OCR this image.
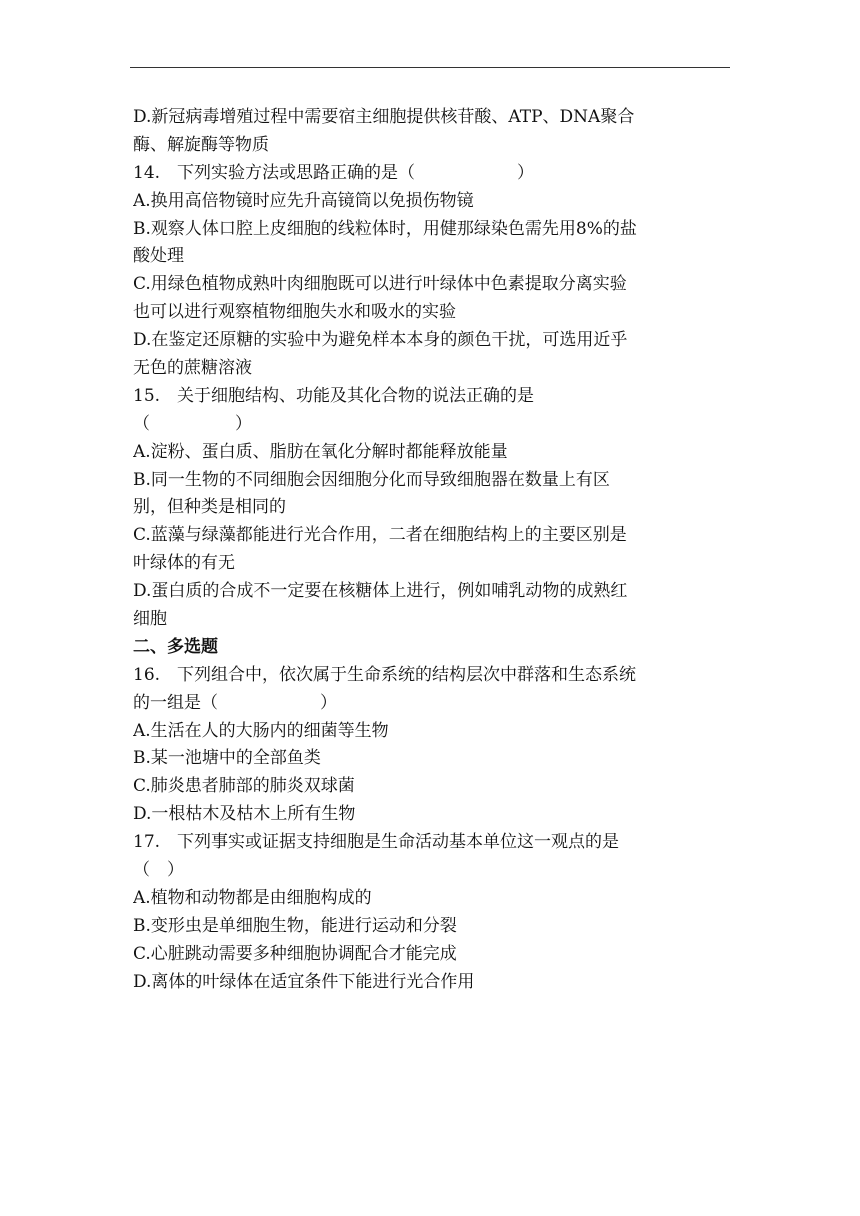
D.新冠病毒增殖过程中需要宿主细胞提供核苷酸、ATP、DNA聚合
酶、解旋酶等物质
14.　下列实验方法或思路正确的是（　　　　　　）
A.换用高倍物镜时应先升高镜筒以免损伤物镜
B.观察人体口腔上皮细胞的线粒体时，用健那绿染色需先用8%的盐
酸处理
C.用绿色植物成熟叶肉细胞既可以进行叶绿体中色素提取分离实验
也可以进行观察植物细胞失水和吸水的实验
D.在鉴定还原糖的实验中为避免样本本身的颜色干扰，可选用近乎
无色的蔗糖溶液
15.　关于细胞结构、功能及其化合物的说法正确的是
（　　　　　）
A.淀粉、蛋白质、脂肪在氧化分解时都能释放能量
B.同一生物的不同细胞会因细胞分化而导致细胞器在数量上有区
别，但种类是相同的
C.蓝藻与绿藻都能进行光合作用，二者在细胞结构上的主要区别是
叶绿体的有无
D.蛋白质的合成不一定要在核糖体上进行，例如哺乳动物的成熟红
细胞
二、多选题
16.　下列组合中，依次属于生命系统的结构层次中群落和生态系统
的一组是（　　　　　　）
A.生活在人的大肠内的细菌等生物
B.某一池塘中的全部鱼类
C.肺炎患者肺部的肺炎双球菌
D.一根枯木及枯木上所有生物
17.　下列事实或证据支持细胞是生命活动基本单位这一观点的是
（　）
A.植物和动物都是由细胞构成的
B.变形虫是单细胞生物，能进行运动和分裂
C.心脏跳动需要多种细胞协调配合才能完成
D.离体的叶绿体在适宜条件下能进行光合作用
